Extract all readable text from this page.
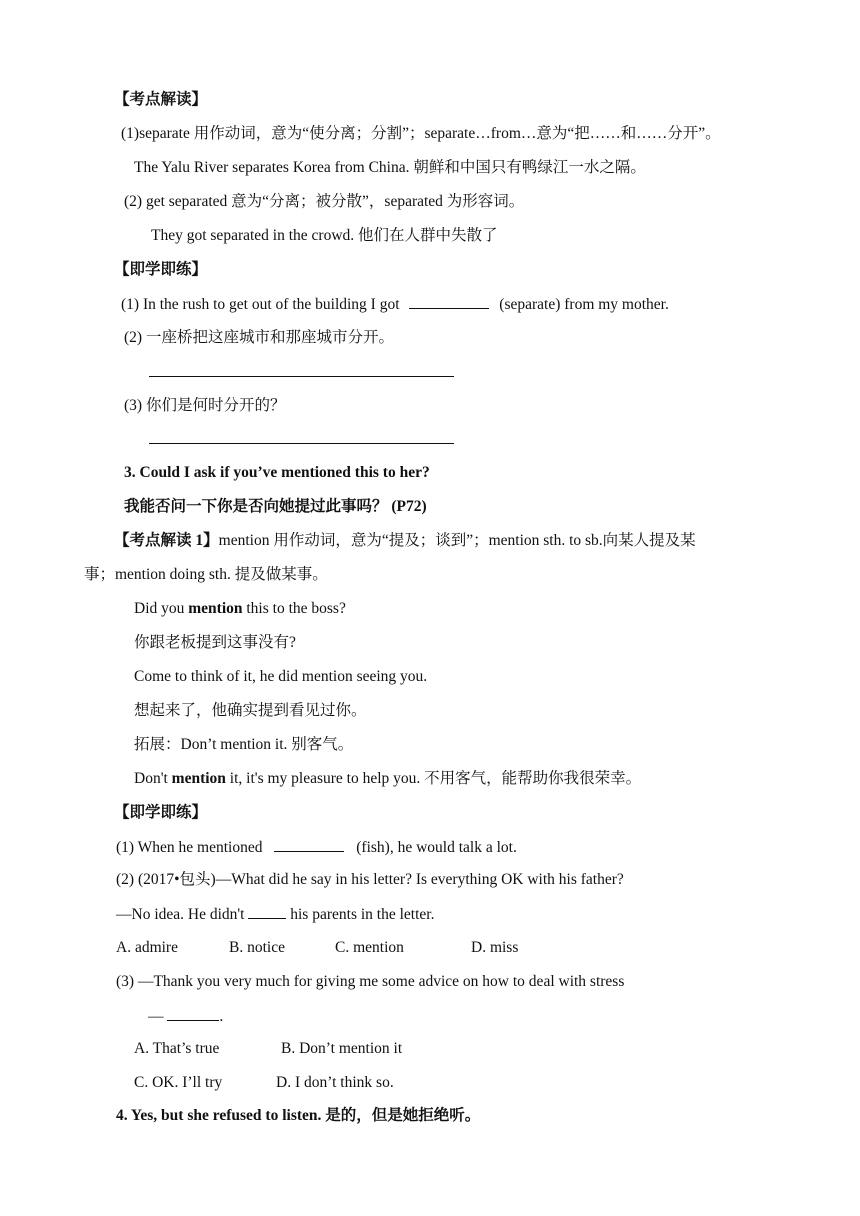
【考点解读】
(1)separate 用作动词，意为“使分离；分割”；separate…from…意为“把……和……分开”。
The Yalu River separates Korea from China. 朝鲜和中国只有鸭绿江一水之隔。
(2) get separated 意为“分离；被分散”，separated 为形容词。
They got separated in the crowd. 他们在人群中失散了
【即学即练】
(1) In the rush to get out of the building I got	(separate) from my mother.
(2) 一座桥把这座城市和那座城市分开。
(3) 你们是何时分开的？
3. Could I ask if you’ve mentioned this to her?
我能否问一下你是否向她提过此事吗？ (P72)
【考点解读 1】mention 用作动词，意为“提及；谈到”；mention sth. to sb.向某人提及某
事；mention doing sth. 提及做某事。
Did you mention this to the boss?
你跟老板提到这事没有?
Come to think of it, he did mention seeing you.
想起来了，他确实提到看见过你。
拓展：Don’t mention it. 别客气。
Don't mention it, it's my pleasure to help you. 不用客气，能帮助你我很荣幸。
【即学即练】
(1) When he mentioned	(fish), he would talk a lot.
(2) (2017•包头)—What did he say in his letter? Is everything OK with his father?
—No idea. He didn't  his parents in the letter.
A. admire	B. notice	C. mention	D. miss
(3) —Thank you very much for giving me some advice on how to deal with stress
—	.
A. That’s true	B. Don’t mention it
C. OK. I’ll try	D. I don’t think so.
4. Yes, but she refused to listen. 是的，但是她拒绝听。
